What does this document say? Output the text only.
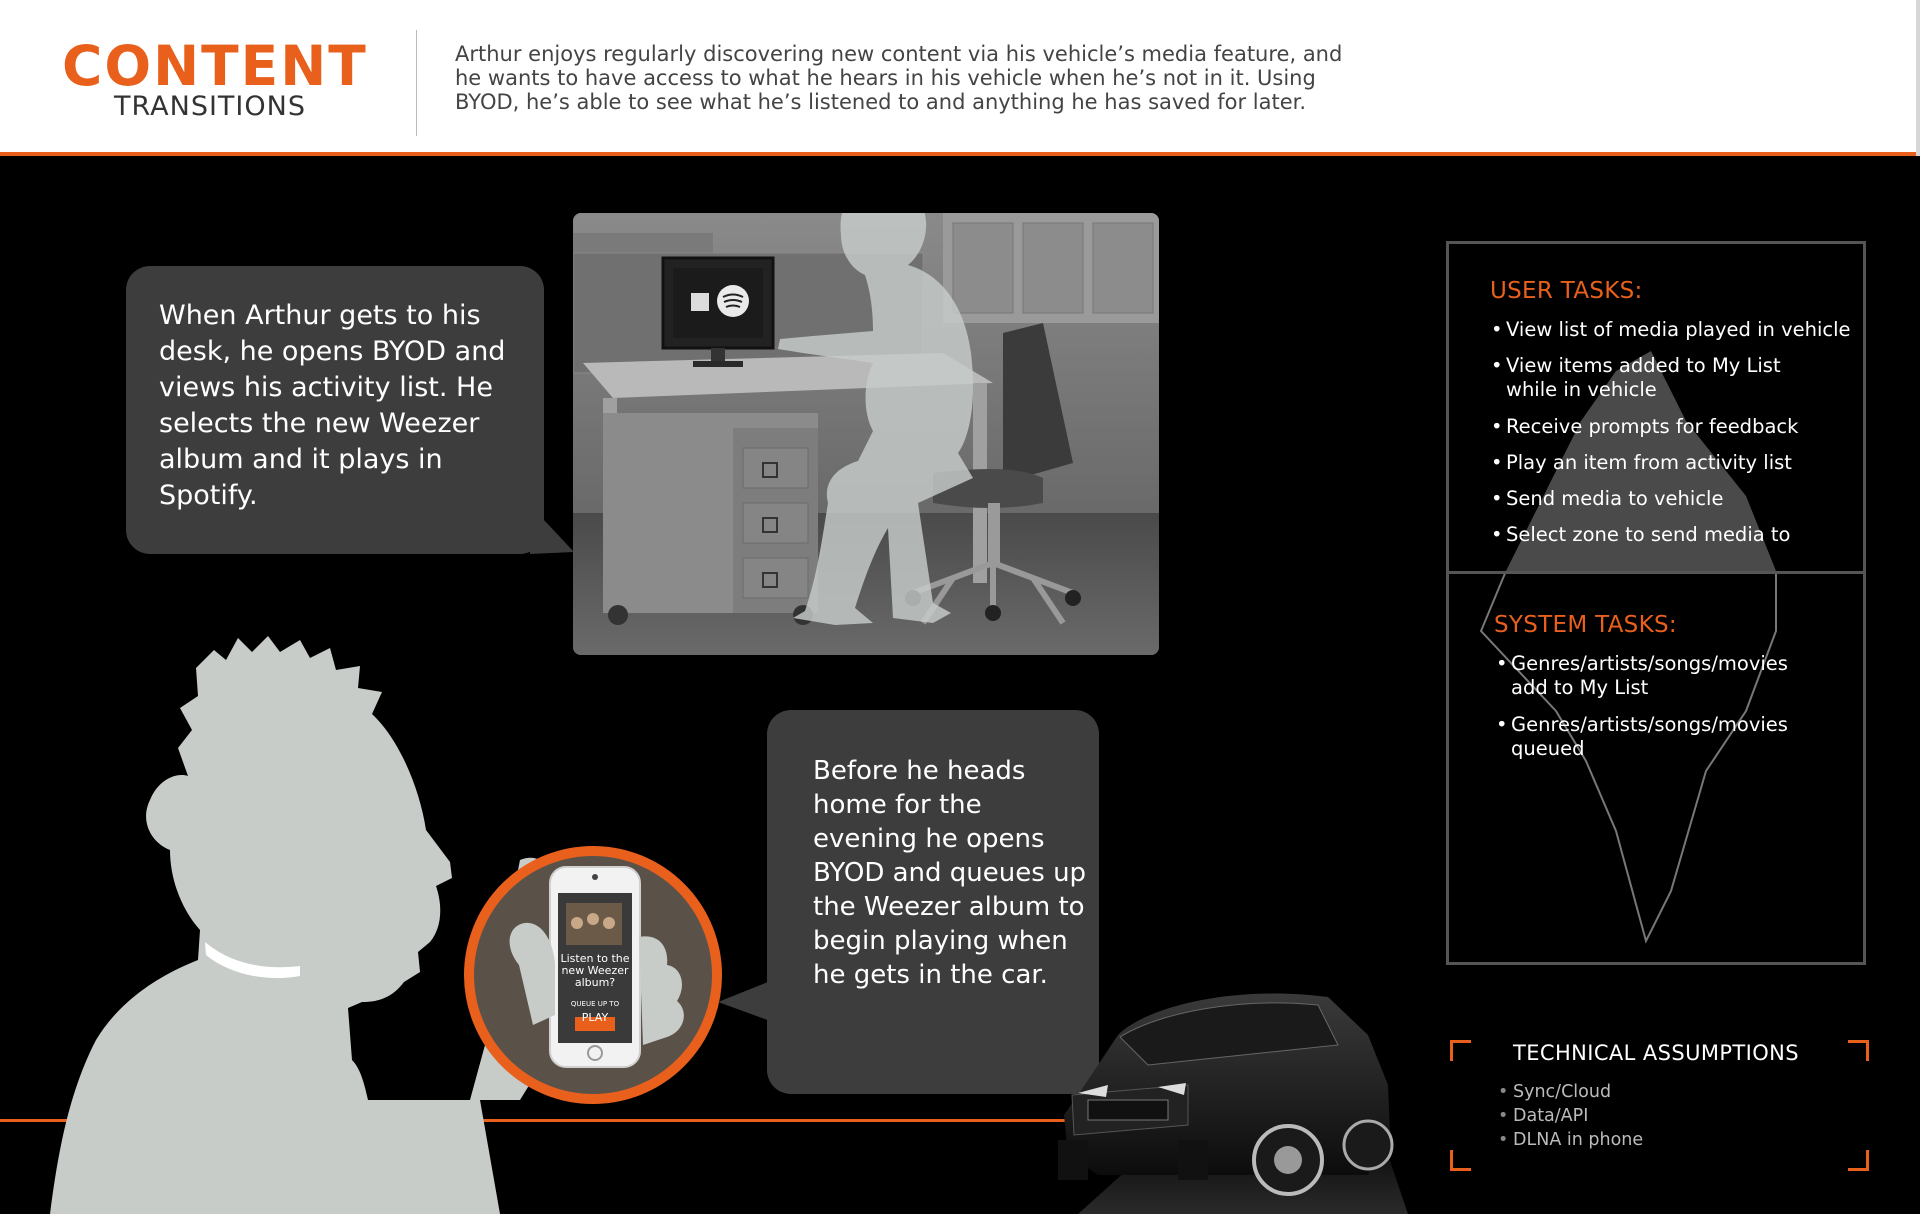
CONTENT
TRANSITIONS
Arthur enjoys regularly discovering new content via his vehicle’s media feature, and he wants to have access to what he hears in his vehicle when he’s not in it. Using BYOD, he’s able to see what he’s listened to and anything he has saved for later.
When Arthur gets to his desk, he opens BYOD and views his activity list. He selects the new Weezer album and it plays in Spotify.
Listen to the new Weezer album?
QUEUE UP TO
PLAY
Before he heads home for the evening he opens BYOD and queues up the Weezer album to begin playing when he gets in the car.
USER TASKS:
• View list of media played in vehicle
• View items added to My List while in vehicle
• Receive prompts for feedback
• Play an item from activity list
• Send media to vehicle
• Select zone to send media to
SYSTEM TASKS:
• Genres/artists/songs/movies add to My List
• Genres/artists/songs/movies queued
TECHNICAL ASSUMPTIONS
• Sync/Cloud
• Data/API
• DLNA in phone
